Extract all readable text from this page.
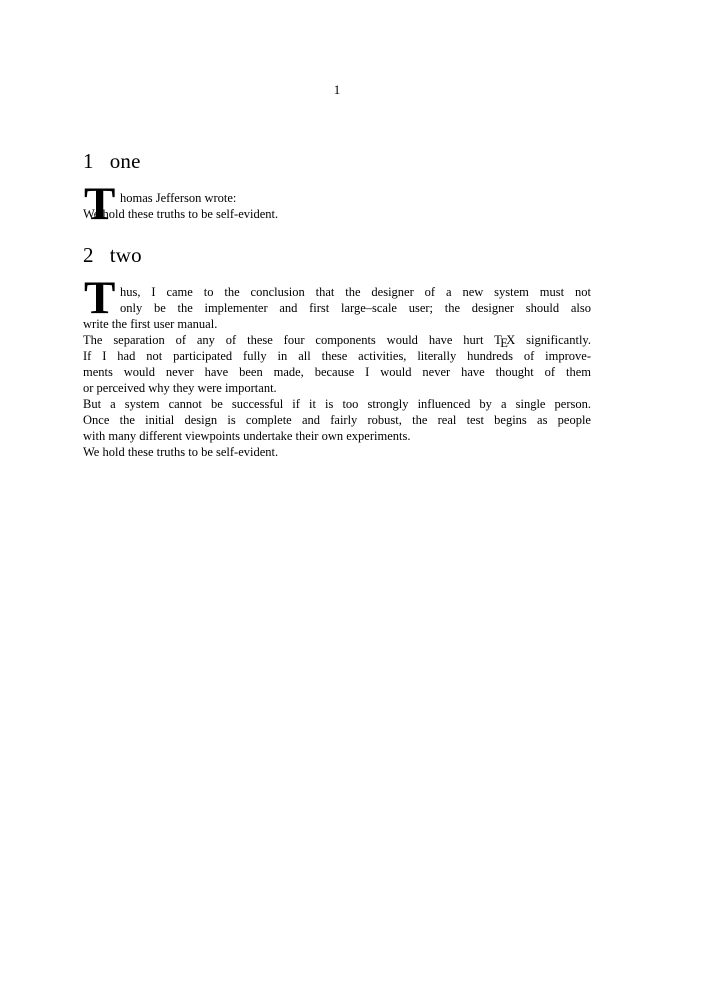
1
1 one
T homas Jefferson wrote:
We hold these truths to be self-evident.
2 two
T hus, I came to the conclusion that the designer of a new system must not
only be the implementer and first large–scale user; the designer should also
write the first user manual.
The separation of any of these four components would have hurt TEX significantly.
If I had not participated fully in all these activities, literally hundreds of improve-
ments would never have been made, because I would never have thought of them
or perceived why they were important.
But a system cannot be successful if it is too strongly influenced by a single person.
Once the initial design is complete and fairly robust, the real test begins as people
with many different viewpoints undertake their own experiments.
We hold these truths to be self-evident.
